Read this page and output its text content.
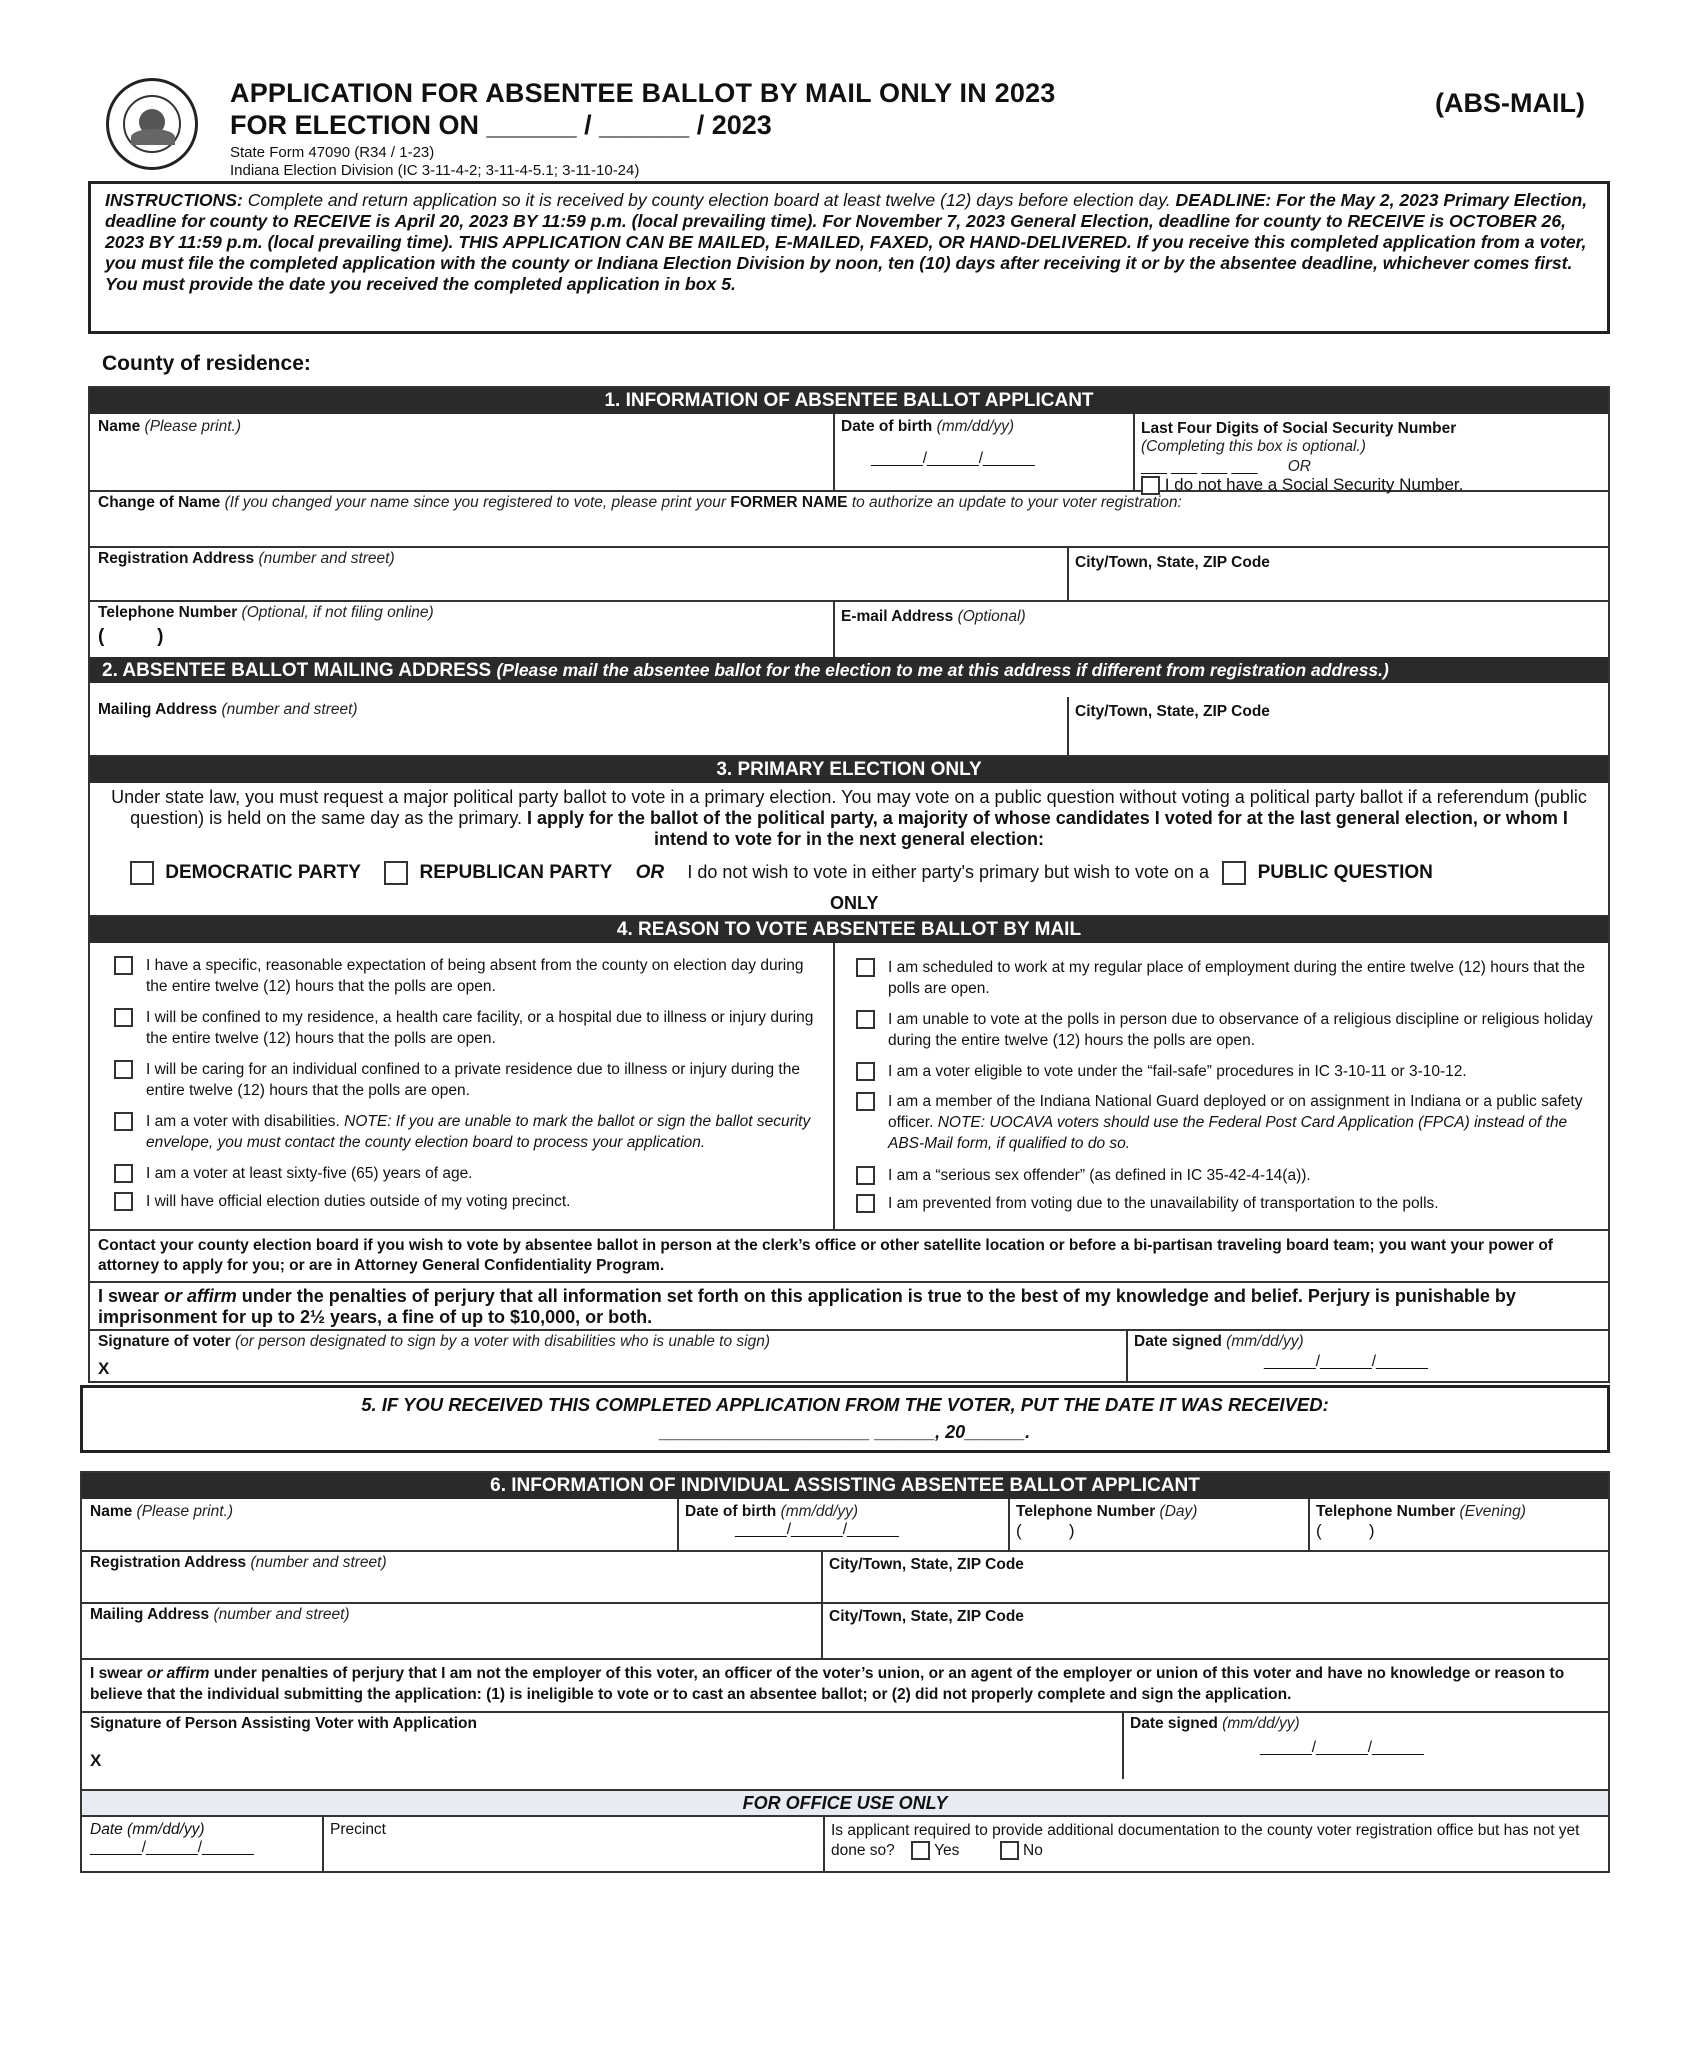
APPLICATION FOR ABSENTEE BALLOT BY MAIL ONLY IN 2023
FOR ELECTION ON ______ / ______ / 2023
State Form 47090 (R34 / 1-23)
Indiana Election Division (IC 3-11-4-2; 3-11-4-5.1; 3-11-10-24)
(ABS-MAIL)
INSTRUCTIONS: Complete and return application so it is received by county election board at least twelve (12) days before election day. DEADLINE: For the May 2, 2023 Primary Election, deadline for county to RECEIVE is April 20, 2023 BY 11:59 p.m. (local prevailing time). For November 7, 2023 General Election, deadline for county to RECEIVE is OCTOBER 26, 2023 BY 11:59 p.m. (local prevailing time). THIS APPLICATION CAN BE MAILED, E-MAILED, FAXED, OR HAND-DELIVERED. If you receive this completed application from a voter, you must file the completed application with the county or Indiana Election Division by noon, ten (10) days after receiving it or by the absentee deadline, whichever comes first. You must provide the date you received the completed application in box 5.
County of residence:
1. INFORMATION OF ABSENTEE BALLOT APPLICANT
Name (Please print.)	Date of birth (mm/dd/yy)
______/______/______
Last Four Digits of Social Security Number
(Completing this box is optional.)
___ ___ ___ ___ OR
I do not have a Social Security Number.
Change of Name (If you changed your name since you registered to vote, please print your FORMER NAME to authorize an update to your voter registration:
Registration Address (number and street)	City/Town, State, ZIP Code
Telephone Number (Optional, if not filing online)
(          )
E-mail Address (Optional)
2. ABSENTEE BALLOT MAILING ADDRESS (Please mail the absentee ballot for the election to me at this address if different from registration address.)
Mailing Address (number and street)	City/Town, State, ZIP Code
3. PRIMARY ELECTION ONLY
Under state law, you must request a major political party ballot to vote in a primary election. You may vote on a public question without voting a political party ballot if a referendum (public question) is held on the same day as the primary. I apply for the ballot of the political party, a majority of whose candidates I voted for at the last general election, or whom I intend to vote for in the next general election:
DEMOCRATIC PARTY	REPUBLICAN PARTY OR I do not wish to vote in either party's primary but wish to vote on a	PUBLIC QUESTION
ONLY
4. REASON TO VOTE ABSENTEE BALLOT BY MAIL
I have a specific, reasonable expectation of being absent from the county on election day during the entire twelve (12) hours that the polls are open.
I will be confined to my residence, a health care facility, or a hospital due to illness or injury during the entire twelve (12) hours that the polls are open.
I will be caring for an individual confined to a private residence due to illness or injury during the entire twelve (12) hours that the polls are open.
I am a voter with disabilities. NOTE: If you are unable to mark the ballot or sign the ballot security envelope, you must contact the county election board to process your application.
I am a voter at least sixty-five (65) years of age.
I will have official election duties outside of my voting precinct.
I am scheduled to work at my regular place of employment during the entire twelve (12) hours that the polls are open.
I am unable to vote at the polls in person due to observance of a religious discipline or religious holiday during the entire twelve (12) hours the polls are open.
I am a voter eligible to vote under the “fail-safe” procedures in IC 3-10-11 or 3-10-12.
I am a member of the Indiana National Guard deployed or on assignment in Indiana or a public safety officer. NOTE: UOCAVA voters should use the Federal Post Card Application (FPCA) instead of the ABS-Mail form, if qualified to do so.
I am a “serious sex offender” (as defined in IC 35-42-4-14(a)).
I am prevented from voting due to the unavailability of transportation to the polls.
Contact your county election board if you wish to vote by absentee ballot in person at the clerk’s office or other satellite location or before a bi-partisan traveling board team; you want your power of attorney to apply for you; or are in Attorney General Confidentiality Program.
I swear or affirm under the penalties of perjury that all information set forth on this application is true to the best of my knowledge and belief. Perjury is punishable by imprisonment for up to 2½ years, a fine of up to $10,000, or both.
Signature of voter (or person designated to sign by a voter with disabilities who is unable to sign)
X
Date signed (mm/dd/yy)
______/______/______
5. IF YOU RECEIVED THIS COMPLETED APPLICATION FROM THE VOTER, PUT THE DATE IT WAS RECEIVED:
_____________________ ______, 20______.
6. INFORMATION OF INDIVIDUAL ASSISTING ABSENTEE BALLOT APPLICANT
Name (Please print.)	Date of birth (mm/dd/yy)
______/______/______
Telephone Number (Day)
(          )
Telephone Number (Evening)
(          )
Registration Address (number and street)	City/Town, State, ZIP Code
Mailing Address (number and street)	City/Town, State, ZIP Code
I swear or affirm under penalties of perjury that I am not the employer of this voter, an officer of the voter’s union, or an agent of the employer or union of this voter and have no knowledge or reason to believe that the individual submitting the application: (1) is ineligible to vote or to cast an absentee ballot; or (2) did not properly complete and sign the application.
Signature of Person Assisting Voter with Application
X
Date signed (mm/dd/yy)
______/______/______
FOR OFFICE USE ONLY
Date (mm/dd/yy)
______/______/______
Precinct	Is applicant required to provide additional documentation to the county voter registration office but has not yet done so?	Yes	No
